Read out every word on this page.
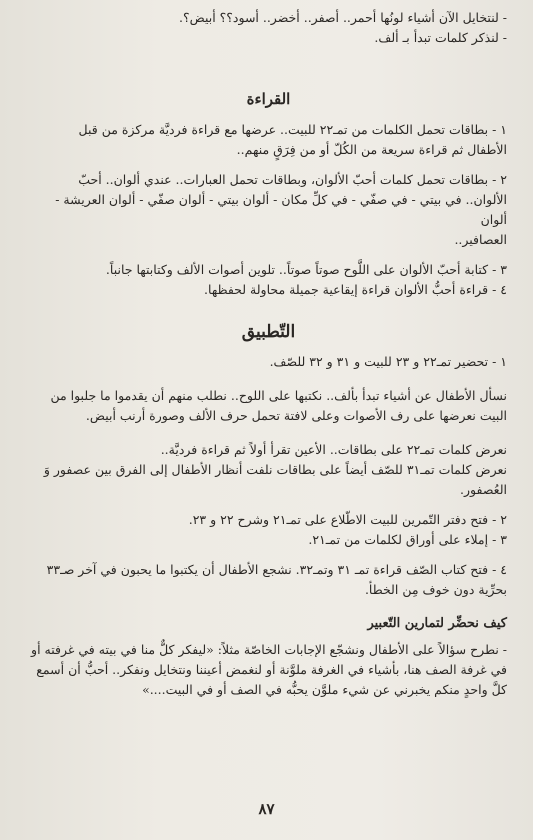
- لنتخايل الآن أشياء لونُها أحمر.. أصفر.. أخضر.. أسود؟؟ أبيض؟.

- لنذكر كلمات تبدأ بـ ألف.

القراءة

١ - بطاقات تحمل الكلمات من تمـ٢٢ للبيت.. عرضها مع قراءة فرديَّة مركزة من قبل

الأطفال ثم قراءة سريعة من الكُلّ أو من فِرَقٍ منهم..

٢ - بطاقات تحمل كلمات أحبّ الألوان، وبطاقات تحمل العبارات.. عندي ألوان.. أحبّ

الألوان.. في بيتي - في صفّي - في كلِّ مكان - ألوان بيتي - ألوان صفّي - ألوان العريشة - ألوان

العصافير..

٣ - كتابة أحبّ الألوان على اللَّوح صوتاً صوتاً.. تلوين أصوات الألف وكتابتها جانباً.

٤ - قراءة أحبُّ الألوان قراءة إيقاعية جميلة محاولة لحفظها.

التّطبيق

١ - تحضير تمـ٢٢ و ٢٣ للبيت و ٣١ و ٣٢ للصّف.

نسأل الأطفال عن أشياء تبدأ بألف.. نكتبها على اللوح.. نطلب منهم أن يقدموا ما جلبوا من

البيت نعرضها على رف الأصوات وعلى لافتة تحمل حرف الألف وصورة أرنب أبيض.

نعرض كلمات تمـ٢٢ على بطاقات.. الأعين تقرأ أولاً ثم قراءة فرديَّة..

نعرض كلمات تمـ٣١ للصّف أيضاً على بطاقات نلفت أنظار الأطفال إلى الفرق بين عصفور وَ

العُصفور.

٢ - فتح دفتر التّمرين للبيت الاطّلاع على تمـ٢١ وشرح ٢٢ و ٢٣.

٣ - إملاء على أوراق لكلمات من تمـ٢١.

٤ - فتح كتاب الصّف قراءة تمـ ٣١ وتمـ٣٢. نشجع الأطفال أن يكتبوا ما يحبون في آخر صـ٣٣

بحرِّية دون خوف مِن الخطأ.

كيف نحضِّر لتمارين التّعبير

- نطرح سؤالاً على الأطفال ونشجّع الإجابات الخاصّة مثلاً: «ليفكر كلٌّ منا في بيته في غرفته أو

في غرفة الصف هنا، بأشياء في الغرفة ملوَّنة أو لنغمض أعيننا ونتخايل ونفكر.. أحبُّ أن أسمع

كلَّ واحدٍ منكم يخبرني عن شيء ملوَّن يحبُّه في الصف أو في البيت....»

٨٧
